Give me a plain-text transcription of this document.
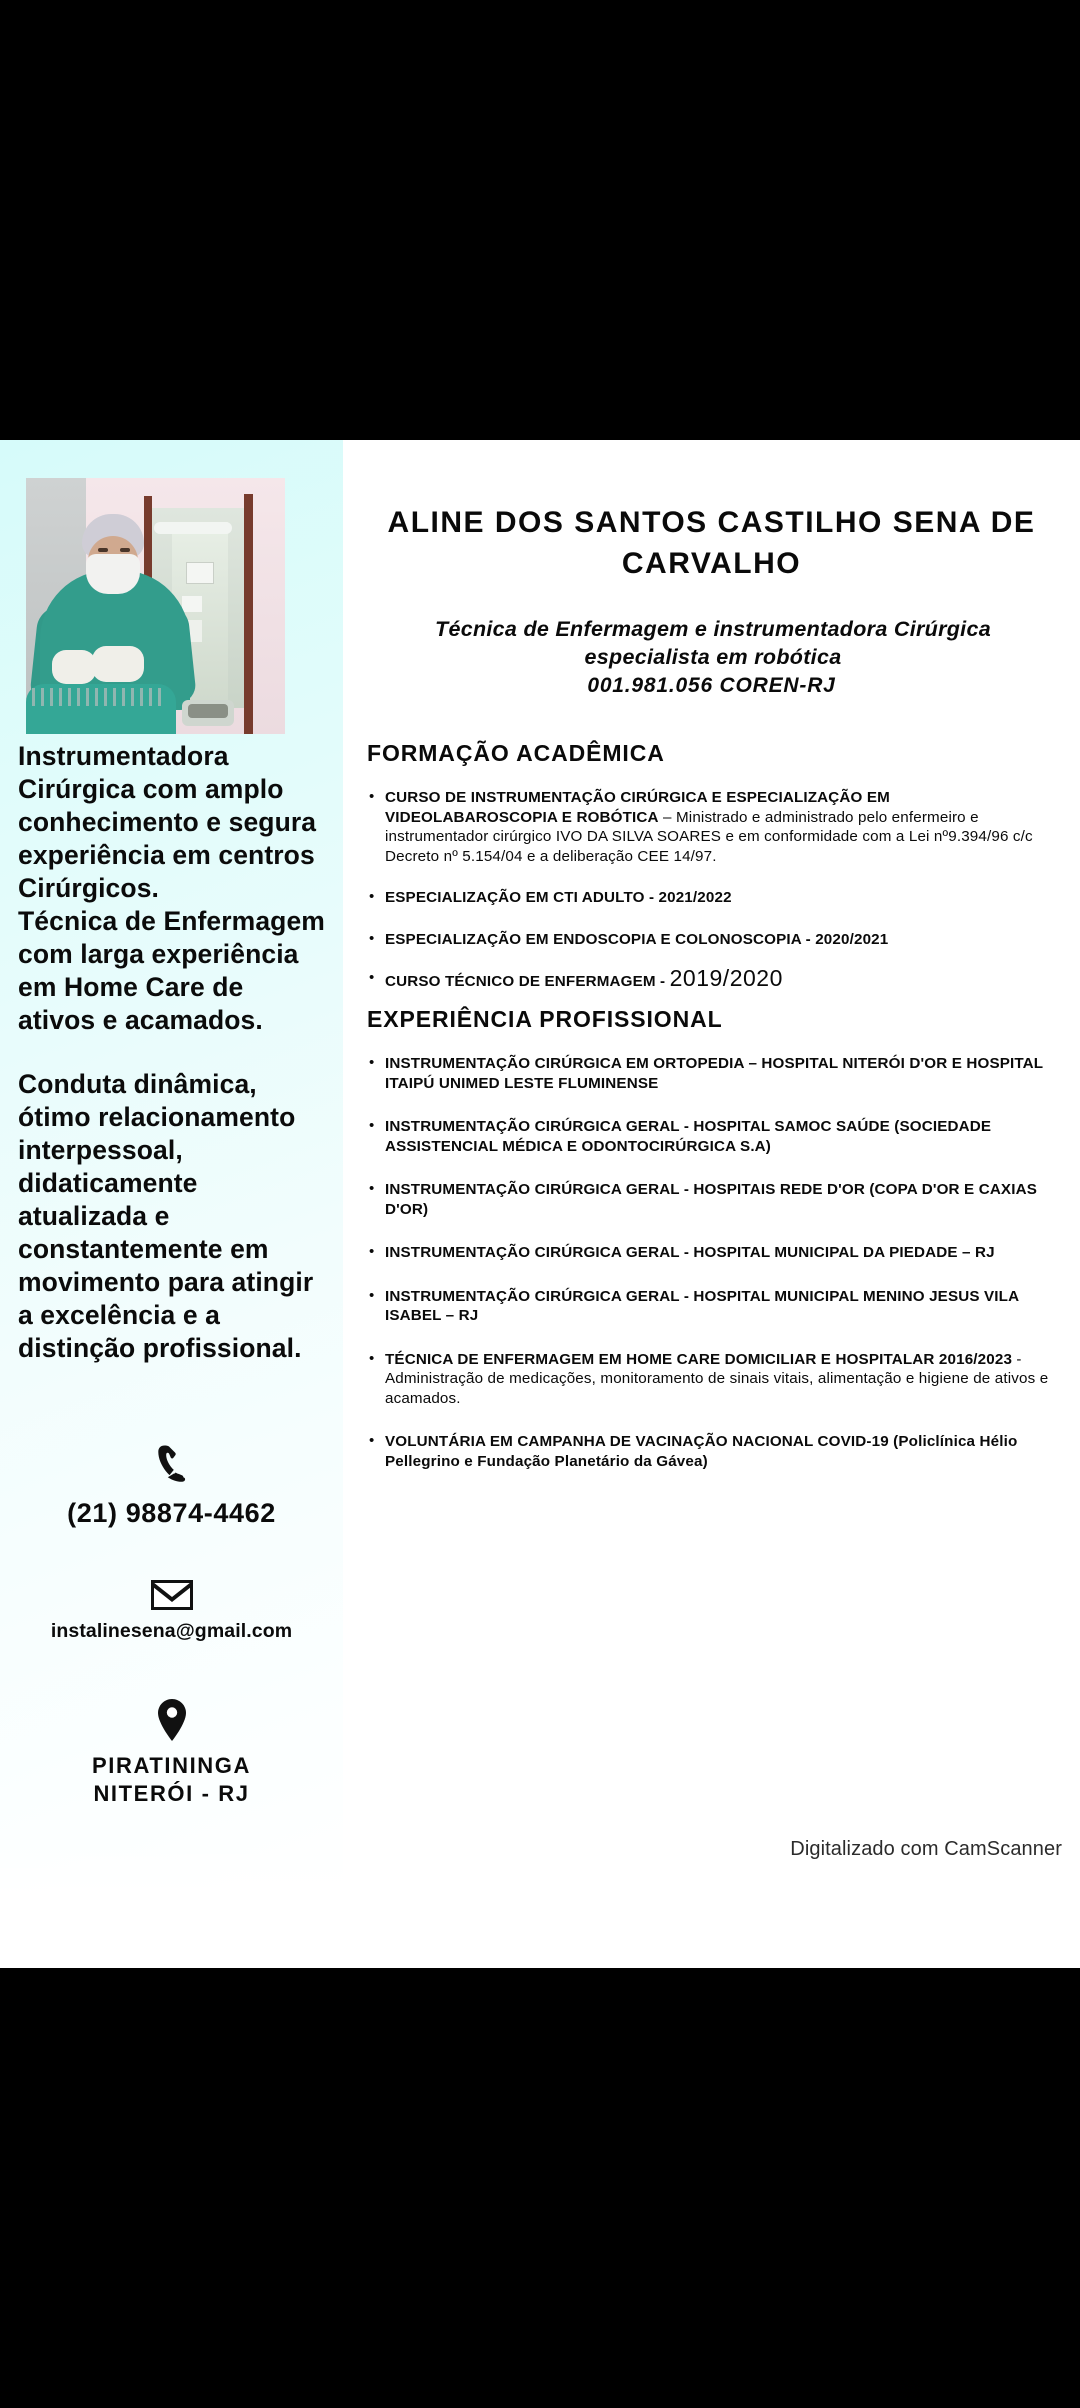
Instrumentadora Cirúrgica com amplo conhecimento e segura experiência em centros Cirúrgicos.
Técnica de Enfermagem com larga experiência em Home Care de ativos e acamados.
Conduta dinâmica, ótimo relacionamento interpessoal, didaticamente atualizada e constantemente em movimento para atingir a excelência e a distinção profissional.
(21) 98874-4462
instalinesena@gmail.com
PIRATININGA
NITERÓI - RJ
ALINE DOS SANTOS CASTILHO SENA DE CARVALHO
Técnica de Enfermagem e instrumentadora Cirúrgica especialista em robótica
001.981.056 COREN-RJ
FORMAÇÃO ACADÊMICA
• CURSO DE INSTRUMENTAÇÃO CIRÚRGICA E ESPECIALIZAÇÃO EM VIDEOLABAROSCOPIA E ROBÓTICA – Ministrado e administrado pelo enfermeiro e instrumentador cirúrgico IVO DA SILVA SOARES e em conformidade com a Lei nº9.394/96 c/c Decreto nº 5.154/04 e a deliberação CEE 14/97.
• ESPECIALIZAÇÃO EM CTI ADULTO - 2021/2022
• ESPECIALIZAÇÃO EM ENDOSCOPIA E COLONOSCOPIA - 2020/2021
• CURSO TÉCNICO DE ENFERMAGEM - 2019/2020
EXPERIÊNCIA PROFISSIONAL
• INSTRUMENTAÇÃO CIRÚRGICA EM ORTOPEDIA – HOSPITAL NITERÓI D'OR E HOSPITAL ITAIPÚ UNIMED LESTE FLUMINENSE
• INSTRUMENTAÇÃO CIRÚRGICA GERAL - HOSPITAL SAMOC SAÚDE (SOCIEDADE ASSISTENCIAL MÉDICA E ODONTOCIRÚRGICA S.A)
• INSTRUMENTAÇÃO CIRÚRGICA GERAL - HOSPITAIS REDE D'OR (COPA D'OR E CAXIAS D'OR)
• INSTRUMENTAÇÃO CIRÚRGICA GERAL - HOSPITAL MUNICIPAL DA PIEDADE – RJ
• INSTRUMENTAÇÃO CIRÚRGICA GERAL - HOSPITAL MUNICIPAL MENINO JESUS VILA ISABEL – RJ
• TÉCNICA DE ENFERMAGEM EM HOME CARE DOMICILIAR E HOSPITALAR 2016/2023 - Administração de medicações, monitoramento de sinais vitais, alimentação e higiene de ativos e acamados.
• VOLUNTÁRIA EM CAMPANHA DE VACINAÇÃO NACIONAL COVID-19 (Policlínica Hélio Pellegrino e Fundação Planetário da Gávea)
Digitalizado com CamScanner
